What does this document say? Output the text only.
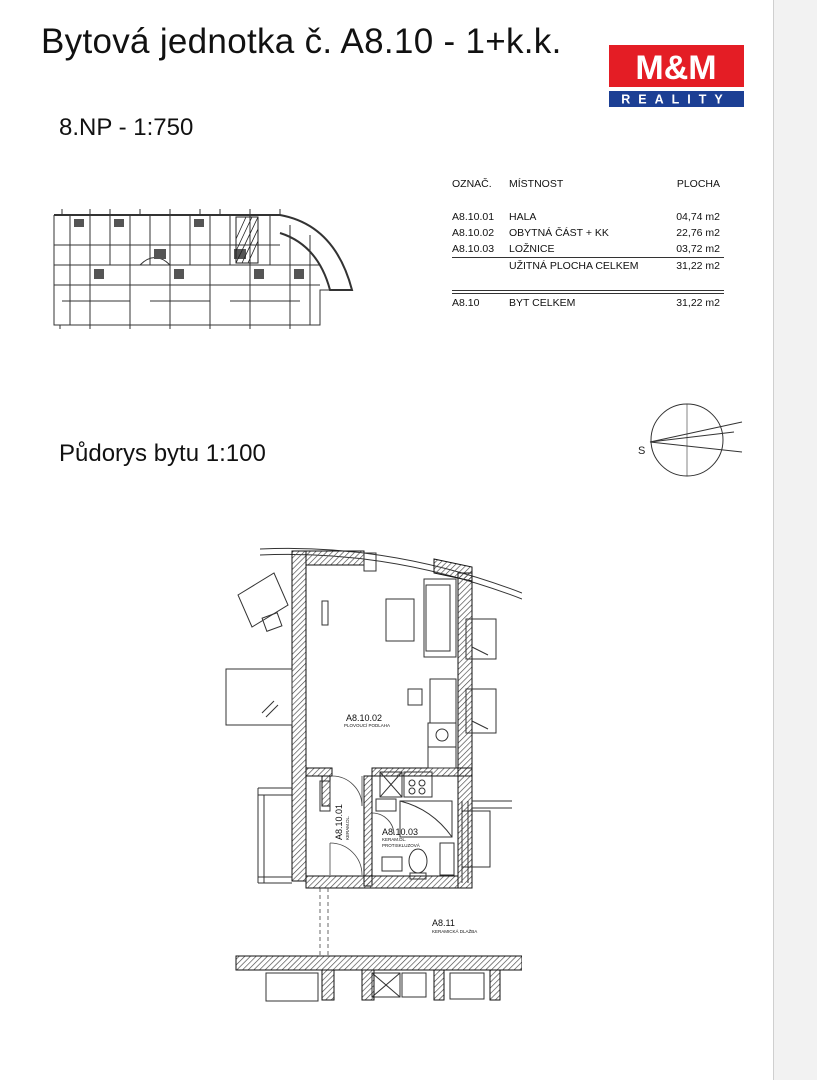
Bytová jednotka č. A8.10 - 1+k.k.
M&M
REALITY
8.NP - 1:750
OZNAČ. MÍSTNOST	PLOCHA
A8.10.01 HALA	04,74 m2
A8.10.02 OBYTNÁ ČÁST + KK	22,76 m2
A8.10.03 LOŽNICE	03,72 m2
UŽITNÁ PLOCHA CELKEM	31,22 m2
A8.10	BYT CELKEM	31,22 m2
S
Půdorys bytu 1:100
A8.10.02
PLOVOUCÍ PODLAHA
A8.10.01 KERAM.DL.	A8.10.03
KERAM.DL.
PROTISKLUZOVÁ
A8.11
KERAMICKÁ DLAŽBA
